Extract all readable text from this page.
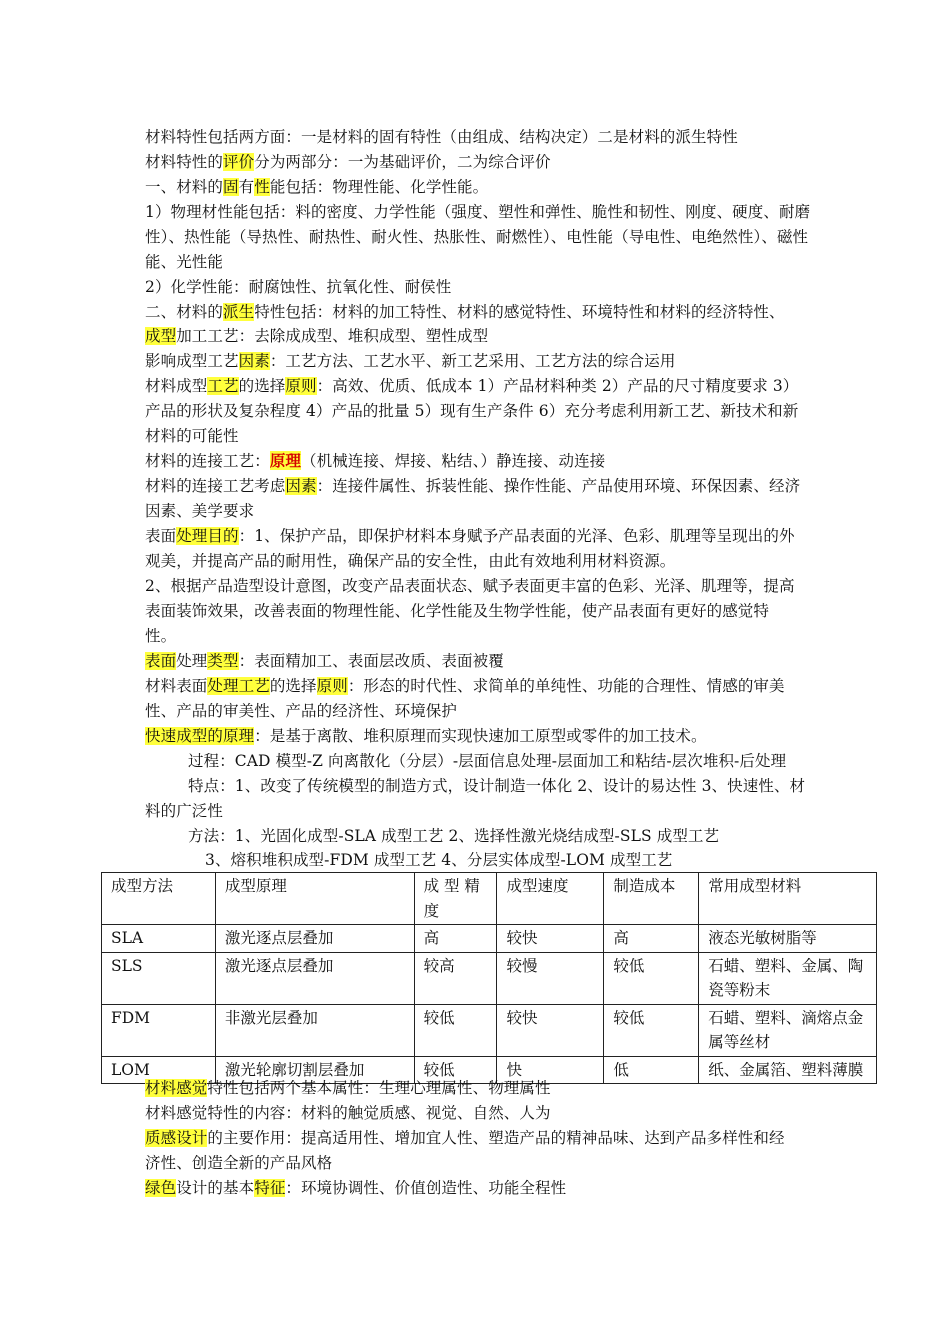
材料特性包括两方面：一是材料的固有特性（由组成、结构决定）二是材料的派生特性
材料特性的评价分为两部分：一为基础评价，二为综合评价
一、材料的固有性能包括：物理性能、化学性能。
1）物理材性能包括：料的密度、力学性能（强度、塑性和弹性、脆性和韧性、刚度、硬度、耐磨
性）、热性能（导热性、耐热性、耐火性、热胀性、耐燃性）、电性能（导电性、电绝然性）、磁性
能、光性能
2）化学性能：耐腐蚀性、抗氧化性、耐侯性
二、材料的派生特性包括：材料的加工特性、材料的感觉特性、环境特性和材料的经济特性、
成型加工工艺：去除成成型、堆积成型、塑性成型
影响成型工艺因素：工艺方法、工艺水平、新工艺采用、工艺方法的综合运用
材料成型工艺的选择原则：高效、优质、低成本 1）产品材料种类 2）产品的尺寸精度要求 3）
产品的形状及复杂程度 4）产品的批量 5）现有生产条件 6）充分考虑利用新工艺、新技术和新
材料的可能性
材料的连接工艺：原理（机械连接、焊接、粘结、）静连接、动连接
材料的连接工艺考虑因素：连接件属性、拆装性能、操作性能、产品使用环境、环保因素、经济
因素、美学要求
表面处理目的：1、保护产品，即保护材料本身赋予产品表面的光泽、色彩、肌理等呈现出的外
观美，并提高产品的耐用性，确保产品的安全性，由此有效地利用材料资源。
2、根据产品造型设计意图，改变产品表面状态、赋予表面更丰富的色彩、光泽、肌理等，提高
表面装饰效果，改善表面的物理性能、化学性能及生物学性能，使产品表面有更好的感觉特
性。
表面处理类型：表面精加工、表面层改质、表面被覆
材料表面处理工艺的选择原则：形态的时代性、求简单的单纯性、功能的合理性、情感的审美
性、产品的审美性、产品的经济性、环境保护
快速成型的原理：是基于离散、堆积原理而实现快速加工原型或零件的加工技术。
过程：CAD 模型-Z 向离散化（分层）-层面信息处理-层面加工和粘结-层次堆积-后处理
特点：1、改变了传统模型的制造方式，设计制造一体化 2、设计的易达性 3、快速性、材
料的广泛性
方法：1、光固化成型-SLA 成型工艺 2、选择性激光烧结成型-SLS 成型工艺
3、熔积堆积成型-FDM 成型工艺 4、分层实体成型-LOM 成型工艺
成型方法	成型原理	成 型 精 度	成型速度	制造成本	常用成型材料
SLA	激光逐点层叠加	高	较快	高	液态光敏树脂等
SLS	激光逐点层叠加	较高	较慢	较低	石蜡、塑料、金属、陶瓷等粉末
FDM	非激光层叠加	较低	较快	较低	石蜡、塑料、滴熔点金属等丝材
LOM	激光轮廓切割层叠加	较低	快	低	纸、金属箔、塑料薄膜
材料感觉特性包括两个基本属性：生理心理属性、物理属性
材料感觉特性的内容：材料的触觉质感、视觉、自然、人为
质感设计的主要作用：提高适用性、增加宜人性、塑造产品的精神品味、达到产品多样性和经
济性、创造全新的产品风格
绿色设计的基本特征：环境协调性、价值创造性、功能全程性
